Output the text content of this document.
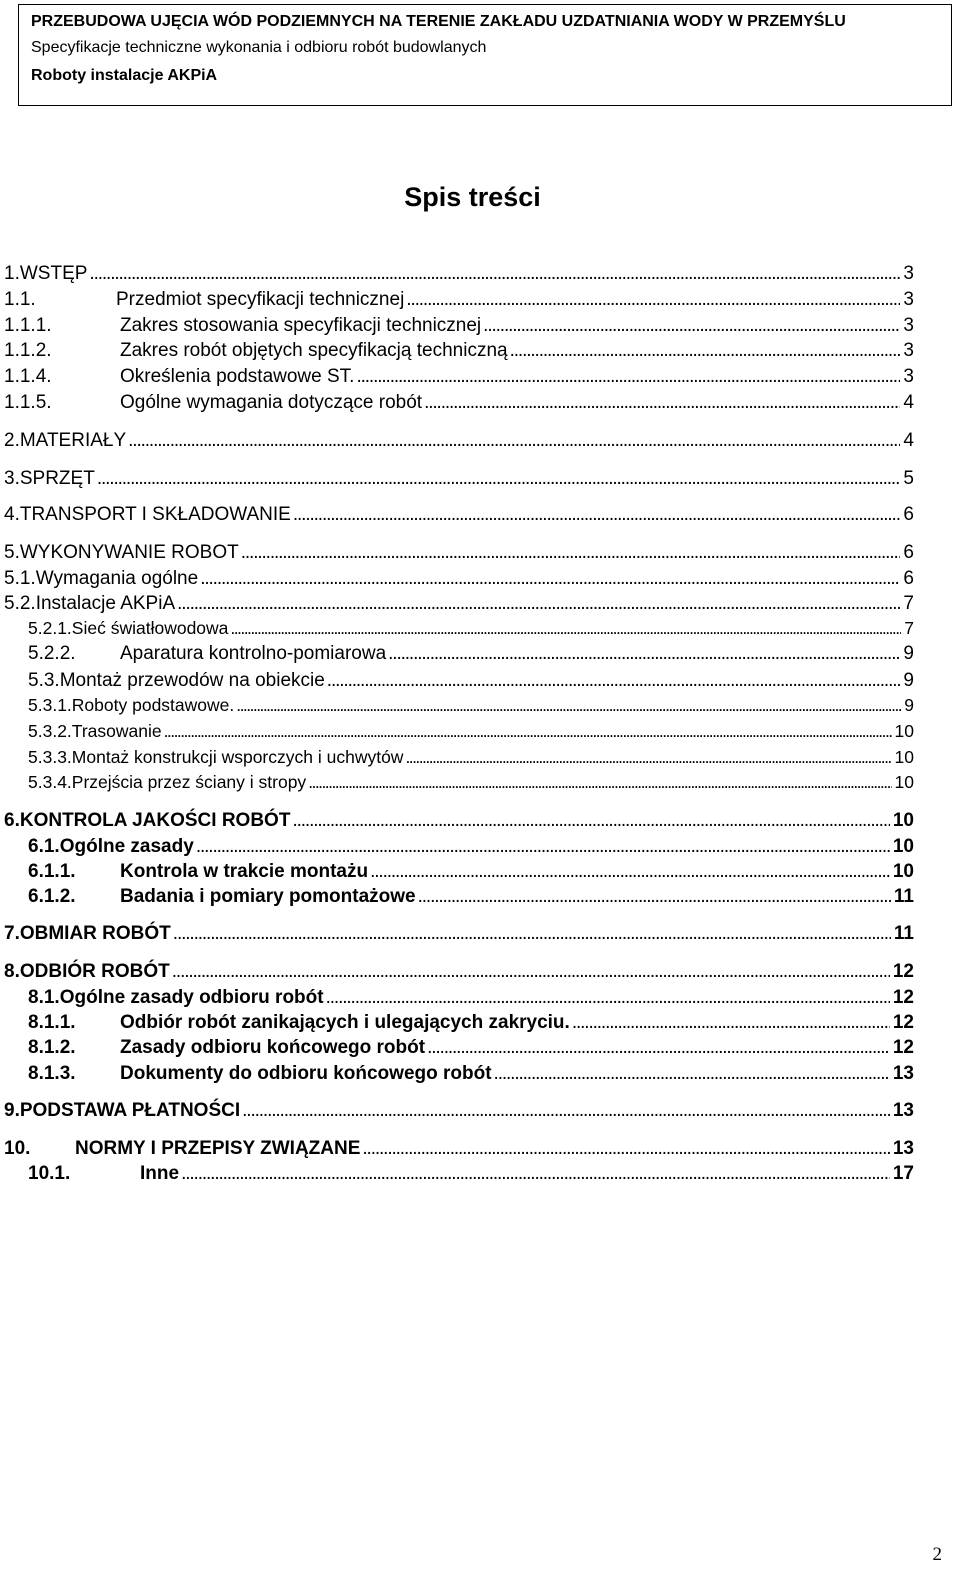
PRZEBUDOWA UJĘCIA WÓD PODZIEMNYCH NA TERENIE ZAKŁADU UZDATNIANIA WODY W PRZEMYŚLU
Specyfikacje techniczne wykonania i odbioru robót budowlanych
Roboty instalacje AKPiA
Spis treści
1. WSTĘP . . .	3
1.1.	Przedmiot specyfikacji technicznej . . .	3
1.1.1.	Zakres stosowania specyfikacji technicznej . . .	3
1.1.2.	Zakres robót objętych specyfikacją techniczną . . .	3
1.1.4.	Określenia podstawowe ST. . . .	3
1.1.5.	Ogólne wymagania dotyczące robót . . .	4
2. MATERIAŁY . . .	4
3. SPRZĘT . . .	5
4. TRANSPORT I SKŁADOWANIE . . .	6
5. WYKONYWANIE ROBOT . . .	6
5.1. Wymagania ogólne . . .	6
5.2. Instalacje AKPiA . . .	7
5.2.1. Sieć światłowodowa . . .	7
5.2.2.	Aparatura kontrolno-pomiarowa . . .	9
5.3. Montaż przewodów na obiekcie . . .	9
5.3.1. Roboty podstawowe. . . .	9
5.3.2. Trasowanie . . .	10
5.3.3. Montaż konstrukcji wsporczych i uchwytów . . .	10
5.3.4. Przejścia przez ściany i stropy . . .	10
6. KONTROLA JAKOŚCI ROBÓT . . .	10
6.1. Ogólne zasady . . .	10
6.1.1.	Kontrola w trakcie montażu . . .	10
6.1.2.	Badania i pomiary pomontażowe . . .	11
7. OBMIAR ROBÓT . . .	11
8. ODBIÓR ROBÓT . . .	12
8.1. Ogólne zasady odbioru robót . . .	12
8.1.1.	Odbiór robót zanikających i ulegających zakryciu. . . .	12
8.1.2.	Zasady odbioru końcowego robót . . .	12
8.1.3.	Dokumenty do odbioru końcowego robót . . .	13
9. PODSTAWA PŁATNOŚCI . . .	13
10.	NORMY I PRZEPISY ZWIĄZANE . . .	13
10.1.	Inne . . .	17
2
